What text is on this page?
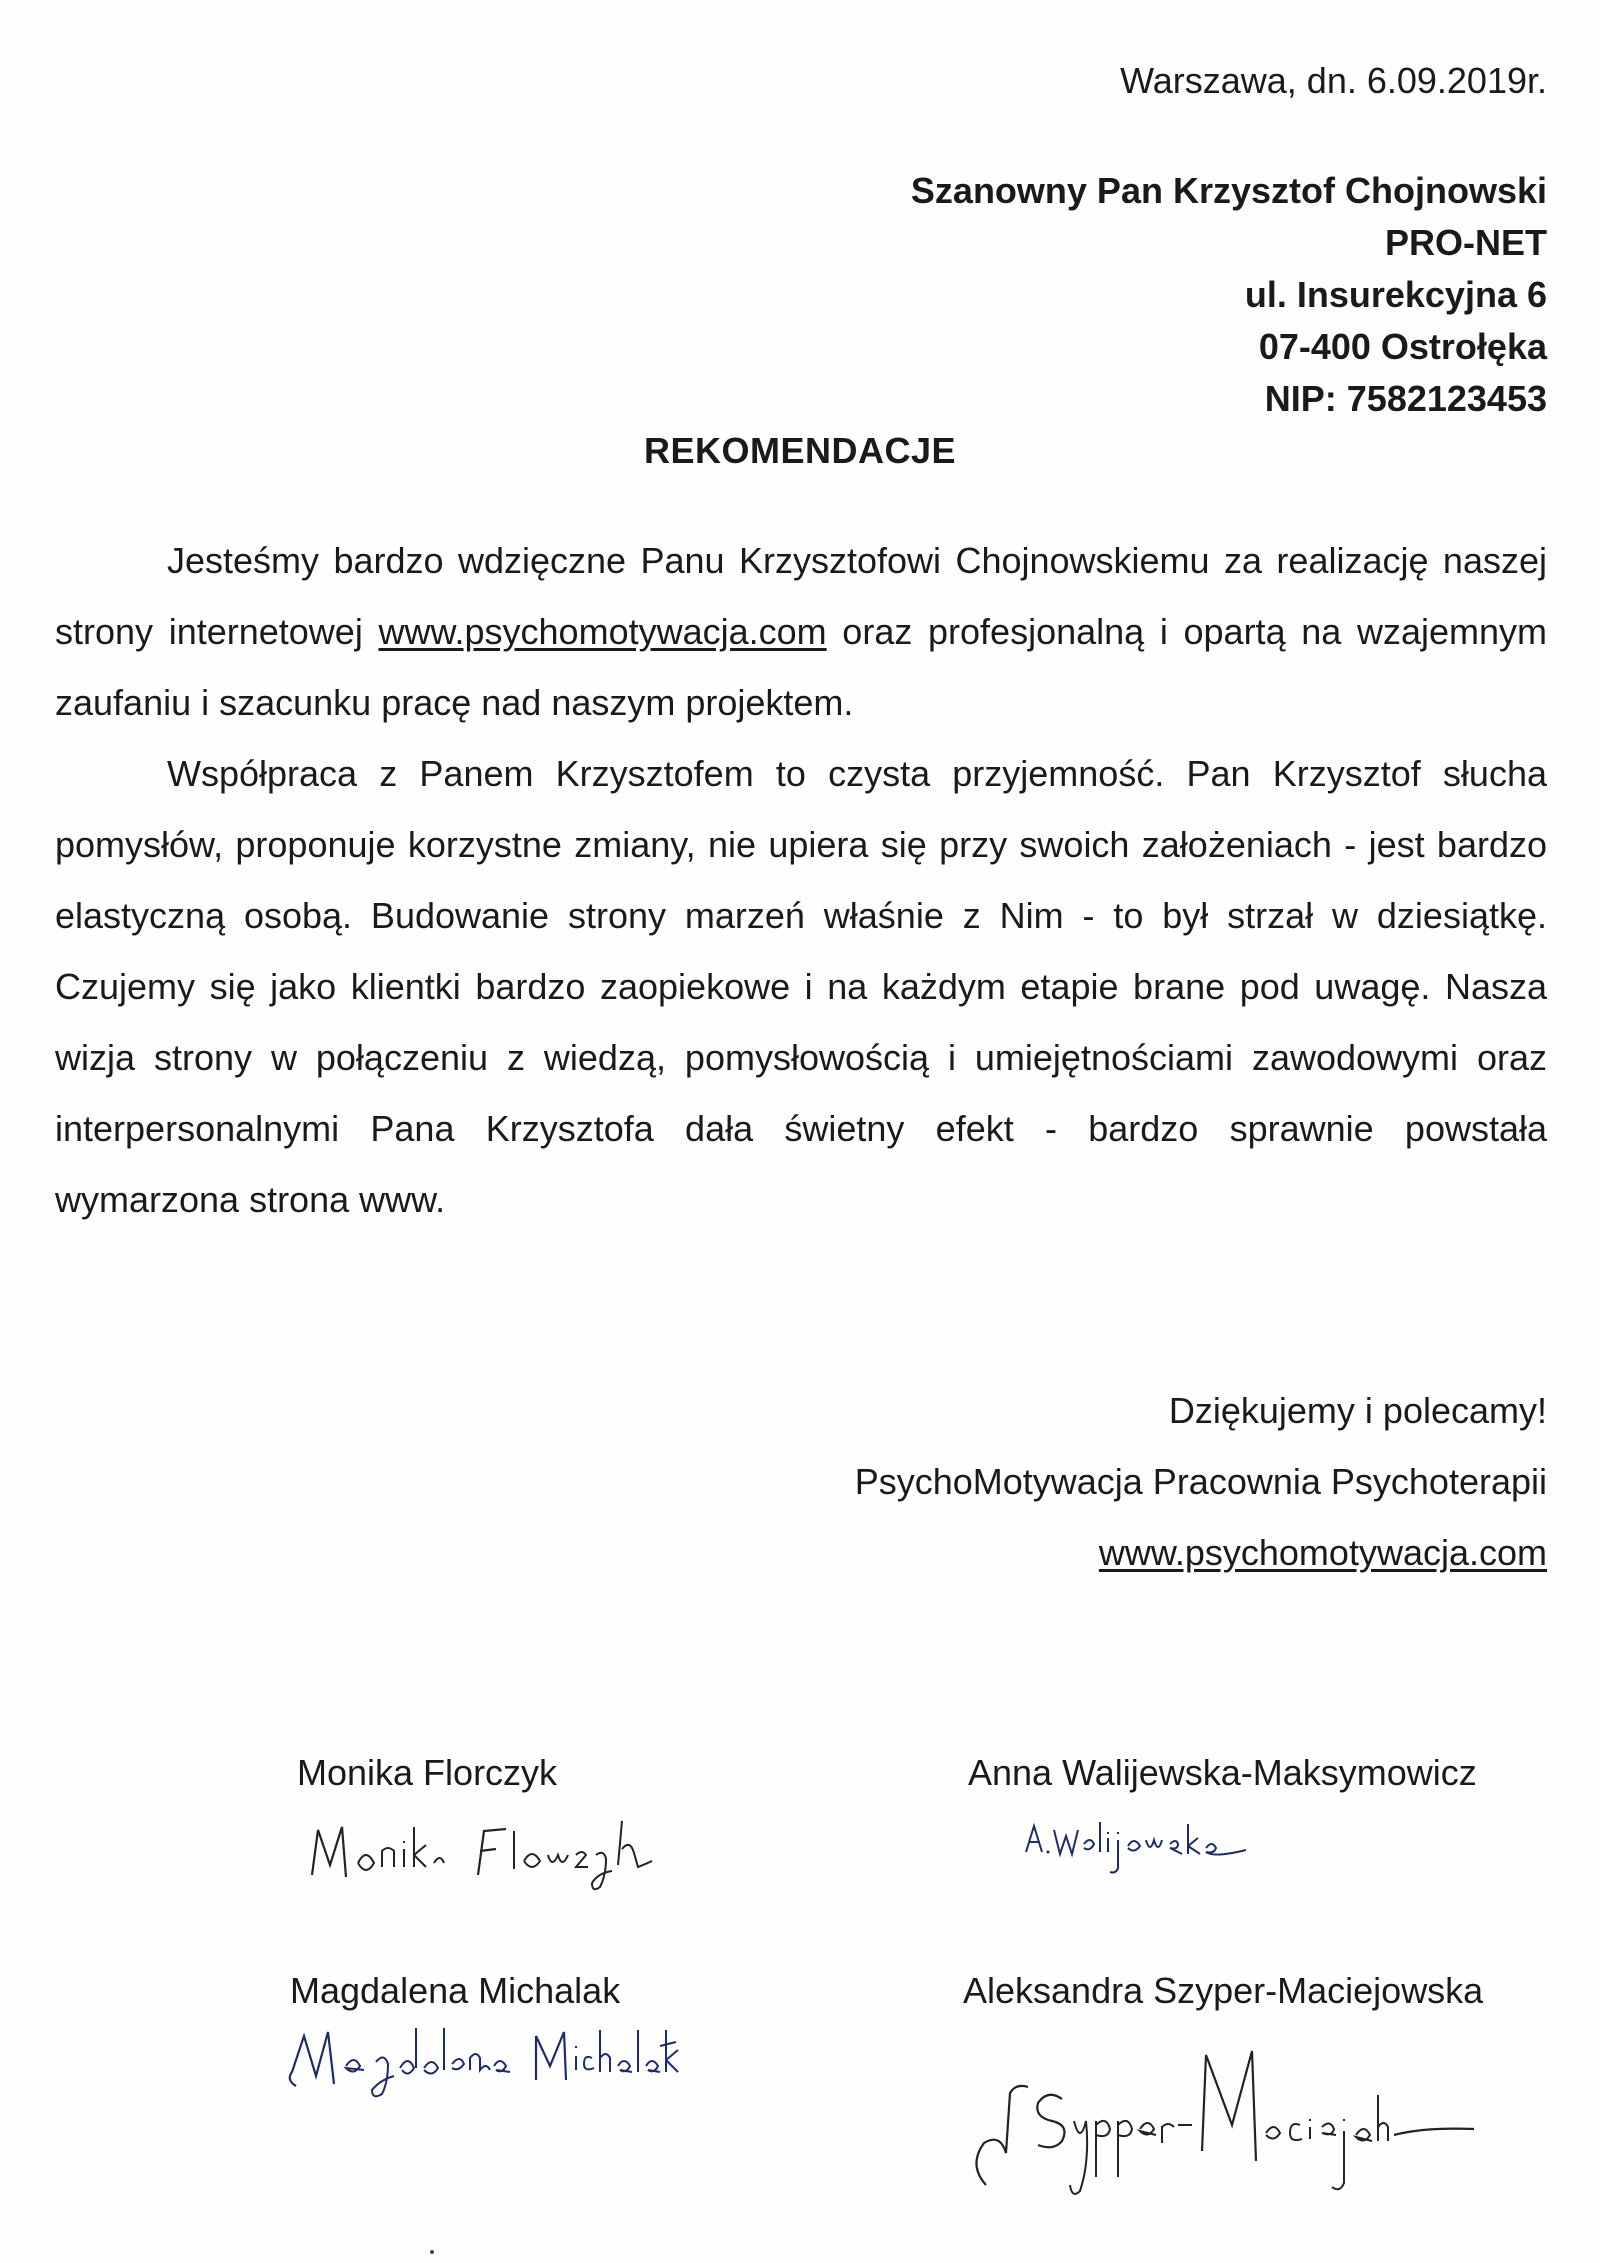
Warszawa, dn. 6.09.2019r.
Szanowny Pan Krzysztof Chojnowski
PRO-NET
ul. Insurekcyjna 6
07-400 Ostrołęka
NIP: 7582123453
REKOMENDACJE

Jesteśmy bardzo wdzięczne Panu Krzysztofowi Chojnowskiemu za realizację naszej strony internetowej www.psychomotywacja.com oraz profesjonalną i opartą na wzajemnym zaufaniu i szacunku pracę nad naszym projektem.

Współpraca z Panem Krzysztofem to czysta przyjemność. Pan Krzysztof słucha pomysłów, proponuje korzystne zmiany, nie upiera się przy swoich założeniach - jest bardzo elastyczną osobą. Budowanie strony marzeń właśnie z Nim - to był strzał w dziesiątkę. Czujemy się jako klientki bardzo zaopiekowe i na każdym etapie brane pod uwagę. Nasza wizja strony w połączeniu z wiedzą, pomysłowością i umiejętnościami zawodowymi oraz interpersonalnymi Pana Krzysztofa dała świetny efekt - bardzo sprawnie powstała wymarzona strona www.

Dziękujemy i polecamy!
PsychoMotywacja Pracownia Psychoterapii
www.psychomotywacja.com
Monika Florczyk	Anna Walijewska-Maksymowicz
Magdalena Michalak	Aleksandra Szyper-Maciejowska
